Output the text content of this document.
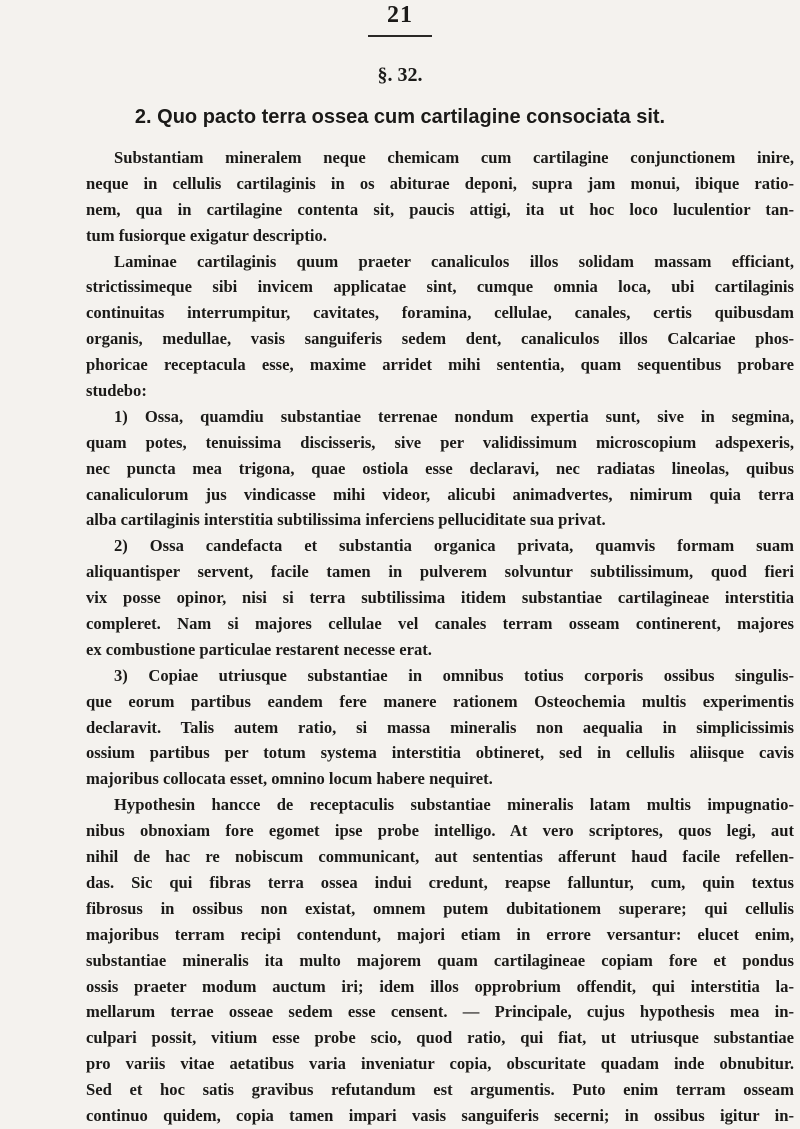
21
§. 32.
2. Quo pacto terra ossea cum cartilagine consociata sit.
Substantiam mineralem neque chemicam cum cartilagine conjunctionem inire,
neque in cellulis cartilaginis in os abiturae deponi, supra jam monui, ibique ratio-
nem, qua in cartilagine contenta sit, paucis attigi, ita ut hoc loco luculentior tan-
tum fusiorque exigatur descriptio.
Laminae cartilaginis quum praeter canaliculos illos solidam massam efficiant,
strictissimeque sibi invicem applicatae sint, cumque omnia loca, ubi cartilaginis
continuitas interrumpitur, cavitates, foramina, cellulae, canales, certis quibusdam
organis, medullae, vasis sanguiferis sedem dent, canaliculos illos Calcariae phos-
phoricae receptacula esse, maxime arridet mihi sententia, quam sequentibus probare
studebo:
1) Ossa, quamdiu substantiae terrenae nondum expertia sunt, sive in segmina,
quam potes, tenuissima discisseris, sive per validissimum microscopium adspexeris,
nec puncta mea trigona, quae ostiola esse declaravi, nec radiatas lineolas, quibus
canaliculorum jus vindicasse mihi videor, alicubi animadvertes, nimirum quia terra
alba cartilaginis interstitia subtilissima inferciens pelluciditate sua privat.
2) Ossa candefacta et substantia organica privata, quamvis formam suam
aliquantisper servent, facile tamen in pulverem solvuntur subtilissimum, quod fieri
vix posse opinor, nisi si terra subtilissima itidem substantiae cartilagineae interstitia
compleret. Nam si majores cellulae vel canales terram osseam continerent, majores
ex combustione particulae restarent necesse erat.
3) Copiae utriusque substantiae in omnibus totius corporis ossibus singulis-
que eorum partibus eandem fere manere rationem Osteochemia multis experimentis
declaravit. Talis autem ratio, si massa mineralis non aequalia in simplicissimis
ossium partibus per totum systema interstitia obtineret, sed in cellulis aliisque cavis
majoribus collocata esset, omnino locum habere nequiret.
Hypothesin hancce de receptaculis substantiae mineralis latam multis impugnatio-
nibus obnoxiam fore egomet ipse probe intelligo. At vero scriptores, quos legi, aut
nihil de hac re nobiscum communicant, aut sententias afferunt haud facile refellen-
das. Sic qui fibras terra ossea indui credunt, reapse falluntur, cum, quin textus
fibrosus in ossibus non existat, omnem putem dubitationem superare; qui cellulis
majoribus terram recipi contendunt, majori etiam in errore versantur: elucet enim,
substantiae mineralis ita multo majorem quam cartilagineae copiam fore et pondus
ossis praeter modum auctum iri; idem illos opprobrium offendit, qui interstitia la-
mellarum terrae osseae sedem esse censent. — Principale, cujus hypothesis mea in-
culpari possit, vitium esse probe scio, quod ratio, qui fiat, ut utriusque substantiae
pro variis vitae aetatibus varia inveniatur copia, obscuritate quadam inde obnubitur.
Sed et hoc satis gravibus refutandum est argumentis. Puto enim terram osseam
continuo quidem, copia tamen impari vasis sanguiferis secerni; in ossibus igitur in-
